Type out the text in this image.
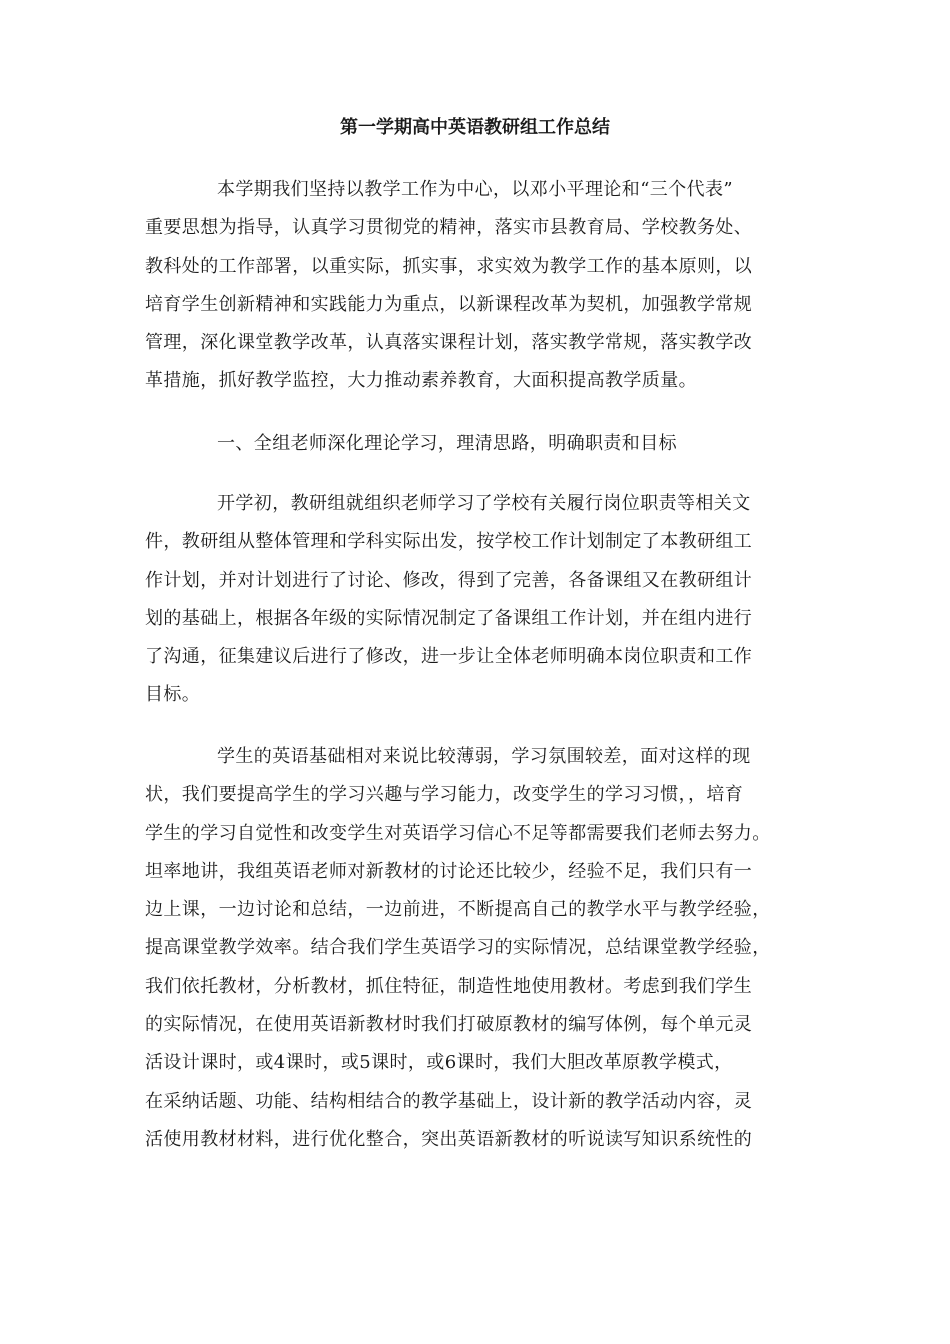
第一学期高中英语教研组工作总结

本学期我们坚持以教学工作为中心，以邓小平理论和“三个代表”
重要思想为指导，认真学习贯彻党的精神，落实市县教育局、学校教务处、
教科处的工作部署，以重实际，抓实事，求实效为教学工作的基本原则，以
培育学生创新精神和实践能力为重点，以新课程改革为契机，加强教学常规
管理，深化课堂教学改革，认真落实课程计划，落实教学常规，落实教学改
革措施，抓好教学监控，大力推动素养教育，大面积提高教学质量。

一、全组老师深化理论学习，理清思路，明确职责和目标

开学初，教研组就组织老师学习了学校有关履行岗位职责等相关文
件，教研组从整体管理和学科实际出发，按学校工作计划制定了本教研组工
作计划，并对计划进行了讨论、修改，得到了完善，各备课组又在教研组计
划的基础上，根据各年级的实际情况制定了备课组工作计划，并在组内进行
了沟通，征集建议后进行了修改，进一步让全体老师明确本岗位职责和工作
目标。

学生的英语基础相对来说比较薄弱，学习氛围较差，面对这样的现
状，我们要提高学生的学习兴趣与学习能力，改变学生的学习习惯，，培育
学生的学习自觉性和改变学生对英语学习信心不足等都需要我们老师去努力。
坦率地讲，我组英语老师对新教材的讨论还比较少，经验不足，我们只有一
边上课，一边讨论和总结，一边前进，不断提高自己的教学水平与教学经验，
提高课堂教学效率。结合我们学生英语学习的实际情况，总结课堂教学经验，
我们依托教材，分析教材，抓住特征，制造性地使用教材。考虑到我们学生
的实际情况，在使用英语新教材时我们打破原教材的编写体例，每个单元灵
活设计课时，或4课时，或5课时，或6课时，我们大胆改革原教学模式，
在采纳话题、功能、结构相结合的教学基础上，设计新的教学活动内容，灵
活使用教材材料，进行优化整合，突出英语新教材的听说读写知识系统性的
